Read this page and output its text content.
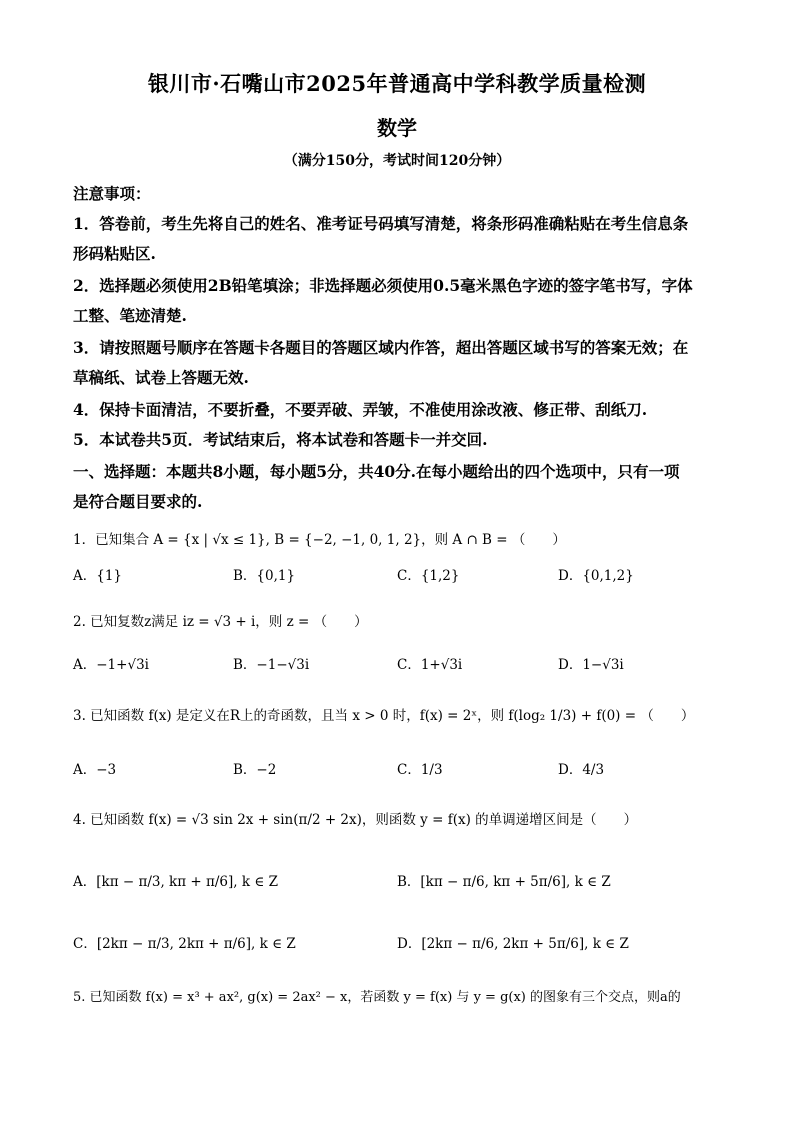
银川市·石嘴山市2025年普通高中学科教学质量检测
数学
（满分150分，考试时间120分钟）
注意事项：
1．答卷前，考生先将自己的姓名、准考证号码填写清楚，将条形码准确粘贴在考生信息条
形码粘贴区.
2．选择题必须使用2B铅笔填涂；非选择题必须使用0.5毫米黑色字迹的签字笔书写，字体
工整、笔迹清楚.
3．请按照题号顺序在答题卡各题目的答题区域内作答，超出答题区域书写的答案无效；在
草稿纸、试卷上答题无效.
4．保持卡面清洁，不要折叠，不要弄破、弄皱，不准使用涂改液、修正带、刮纸刀.
5．本试卷共5页．考试结束后，将本试卷和答题卡一并交回.
一、选择题：本题共8小题，每小题5分，共40分.在每小题给出的四个选项中，只有一项
是符合题目要求的.
1．已知集合 A = {x | √x ≤ 1}, B = {−2, −1, 0, 1, 2}，则 A ∩ B = （　　）
A．{1}	B．{0,1}	C．{1,2}	D．{0,1,2}
2. 已知复数z满足 iz = √3 + i，则 z = （　　）
A．−1+√3i	B．−1−√3i	C．1+√3i	D．1−√3i
3. 已知函数 f(x) 是定义在R上的奇函数，且当 x > 0 时，f(x) = 2ˣ，则 f(log₂ 1/3) + f(0) = （　　）
A．−3	B．−2	C．1/3	D．4/3
4. 已知函数 f(x) = √3 sin 2x + sin(π/2 + 2x)，则函数 y = f(x) 的单调递增区间是（　　）
A．[kπ − π/3, kπ + π/6], k ∈ Z	B．[kπ − π/6, kπ + 5π/6], k ∈ Z
C．[2kπ − π/3, 2kπ + π/6], k ∈ Z	D．[2kπ − π/6, 2kπ + 5π/6], k ∈ Z
5. 已知函数 f(x) = x³ + ax², g(x) = 2ax² − x，若函数 y = f(x) 与 y = g(x) 的图象有三个交点，则a的
